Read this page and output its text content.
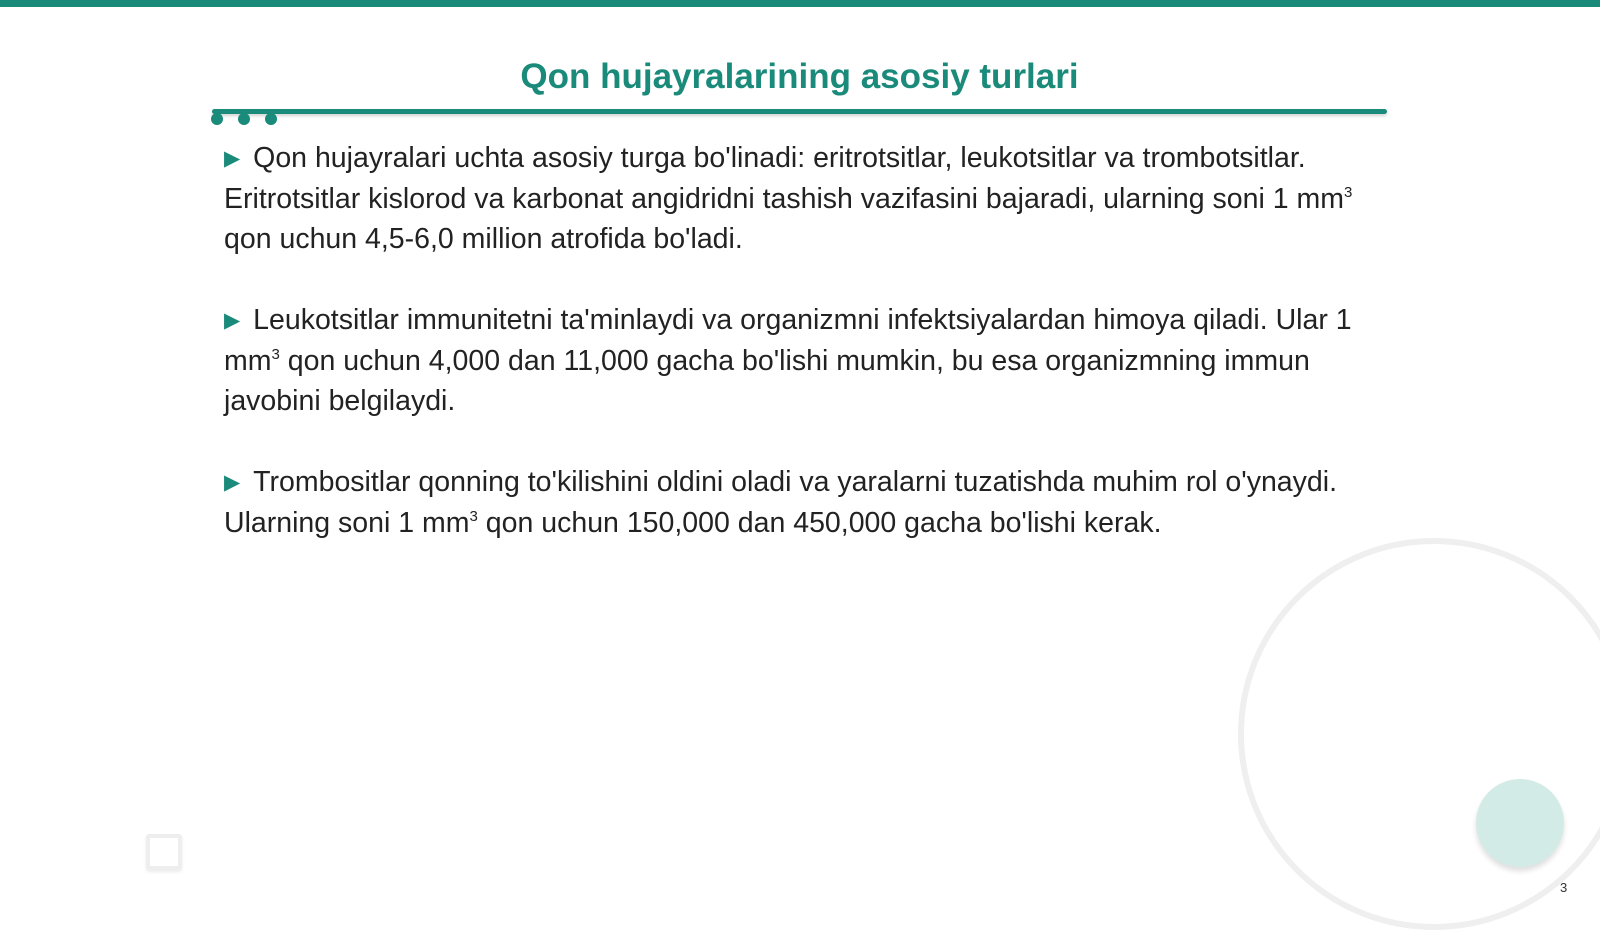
Qon hujayralarining asosiy turlari

▶ Qon hujayralari uchta asosiy turga bo'linadi: eritrotsitlar, leukotsitlar va trombotsitlar. Eritrotsitlar kislorod va karbonat angidridni tashish vazifasini bajaradi, ularning soni 1 $mm^3$ qon uchun 4,5-6,0 million atrofida bo'ladi.

▶ Leukotsitlar immunitetni ta'minlaydi va organizmni infektsiyalardan himoya qiladi. Ular 1 $mm^3$ qon uchun 4,000 dan 11,000 gacha bo'lishi mumkin, bu esa organizmning immun javobini belgilaydi.

▶ Trombositlar qonning to'kilishini oldini oladi va yaralarni tuzatishda muhim rol o'ynaydi. Ularning soni 1 $mm^3$ qon uchun 150,000 dan 450,000 gacha bo'lishi kerak.

3
